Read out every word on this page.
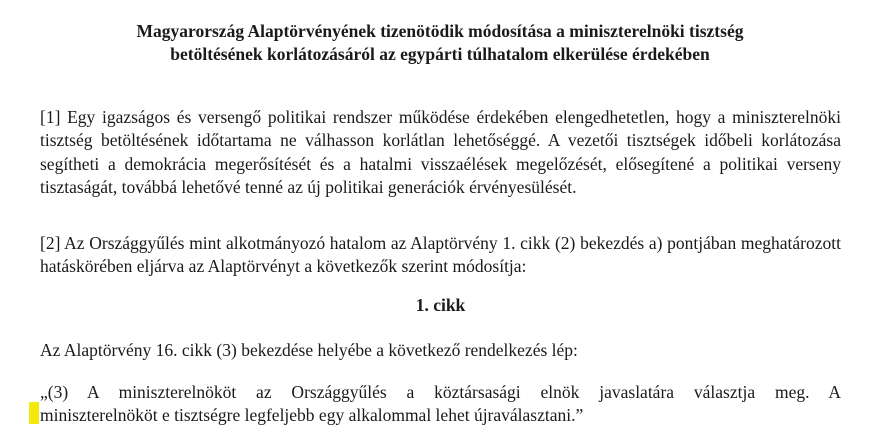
Magyarország Alaptörvényének tizenötödik módosítása a miniszterelnöki tisztség
betöltésének korlátozásáról az egypárti túlhatalom elkerülése érdekében

[1] Egy igazságos és versengő politikai rendszer működése érdekében elengedhetetlen, hogy a miniszterelnöki tisztség betöltésének időtartama ne válhasson korlátlan lehetőséggé. A vezetői tisztségek időbeli korlátozása segítheti a demokrácia megerősítését és a hatalmi visszaélések megelőzését, elősegítené a politikai verseny tisztaságát, továbbá lehetővé tenné az új politikai generációk érvényesülését.

[2] Az Országgyűlés mint alkotmányozó hatalom az Alaptörvény 1. cikk (2) bekezdés a) pontjában meghatározott hatáskörében eljárva az Alaptörvényt a következők szerint módosítja:

1. cikk

Az Alaptörvény 16. cikk (3) bekezdése helyébe a következő rendelkezés lép:

„(3) A miniszterelnököt az Országgyűlés a köztársasági elnök javaslatára választja meg. A
miniszterelnököt e tisztségre legfeljebb egy alkalommal lehet újraválasztani.”
